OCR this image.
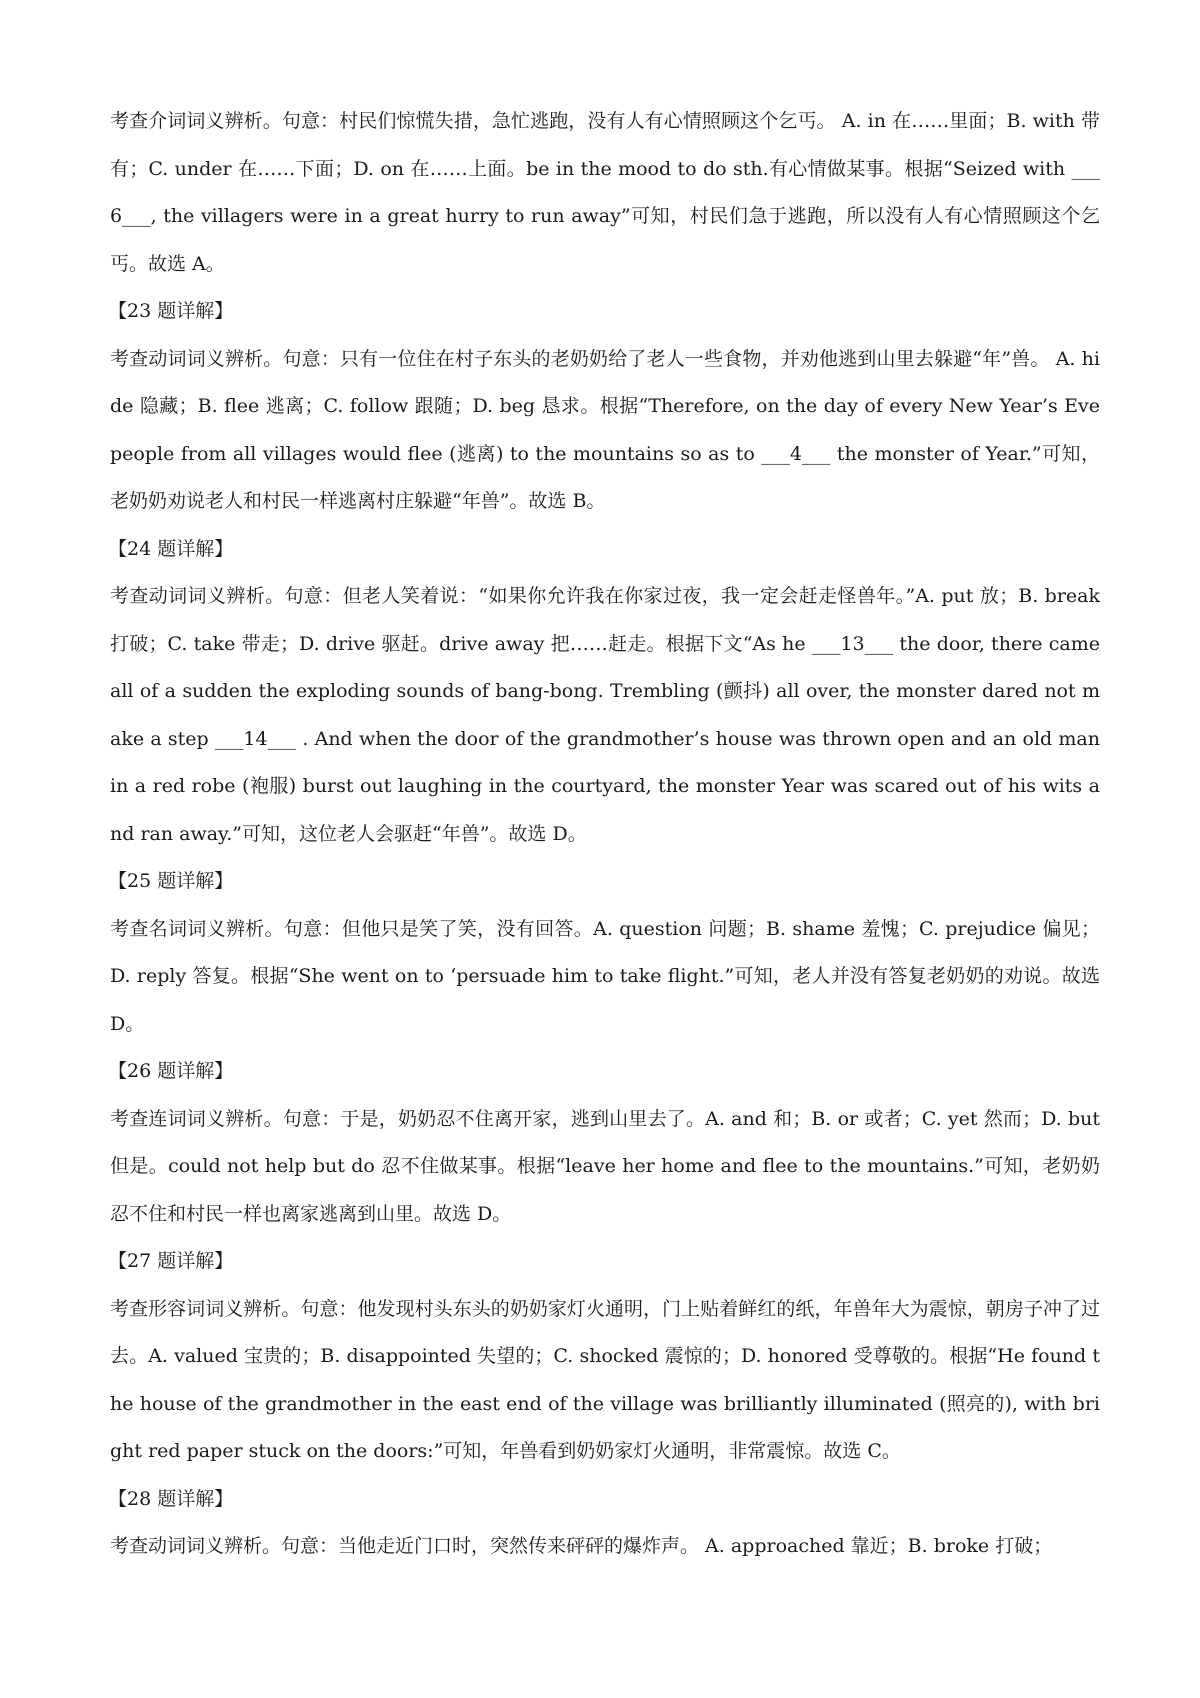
考查介词词义辨析。句意：村民们惊慌失措，急忙逃跑，没有人有心情照顾这个乞丐。 A. in 在……里面；B. with 带有；C. under 在……下面；D. on 在……上面。be in the mood to do sth.有心情做某事。根据“Seized with ___6___, the villagers were in a great hurry to run away”可知，村民们急于逃跑，所以没有人有心情照顾这个乞丐。故选 A。

【23 题详解】

考查动词词义辨析。句意：只有一位住在村子东头的老奶奶给了老人一些食物，并劝他逃到山里去躲避“年”兽。 A. hide 隐藏；B. flee 逃离；C. follow 跟随；D. beg 恳求。根据“Therefore, on the day of every New Year’s Eve people from all villages would flee (逃离) to the mountains so as to ___4___ the monster of Year.”可知，老奶奶劝说老人和村民一样逃离村庄躲避“年兽”。故选 B。

【24 题详解】

考查动词词义辨析。句意：但老人笑着说：“如果你允许我在你家过夜，我一定会赶走怪兽年。”A. put 放；B. break 打破；C. take 带走；D. drive 驱赶。drive away 把……赶走。根据下文“As he ___13___ the door, there came all of a sudden the exploding sounds of bang-bong. Trembling (颤抖) all over, the monster dared not make a step ___14___ . And when the door of the grandmother’s house was thrown open and an old man in a red robe (袍服) burst out laughing in the courtyard, the monster Year was scared out of his wits and ran away.”可知，这位老人会驱赶“年兽”。故选 D。

【25 题详解】

考查名词词义辨析。句意：但他只是笑了笑，没有回答。A. question 问题；B. shame 羞愧；C. prejudice 偏见；D. reply 答复。根据“She went on to ‘persuade him to take flight.”可知，老人并没有答复老奶奶的劝说。故选 D。

【26 题详解】

考查连词词义辨析。句意：于是，奶奶忍不住离开家，逃到山里去了。A. and 和；B. or 或者；C. yet 然而；D. but 但是。could not help but do 忍不住做某事。根据“leave her home and flee to the mountains.”可知，老奶奶忍不住和村民一样也离家逃离到山里。故选 D。

【27 题详解】

考查形容词词义辨析。句意：他发现村头东头的奶奶家灯火通明，门上贴着鲜红的纸，年兽年大为震惊，朝房子冲了过去。A. valued 宝贵的；B. disappointed 失望的；C. shocked 震惊的；D. honored 受尊敬的。根据“He found the house of the grandmother in the east end of the village was brilliantly illuminated (照亮的), with bright red paper stuck on the doors:”可知，年兽看到奶奶家灯火通明，非常震惊。故选 C。

【28 题详解】

考查动词词义辨析。句意：当他走近门口时，突然传来砰砰的爆炸声。 A. approached 靠近；B. broke 打破；
